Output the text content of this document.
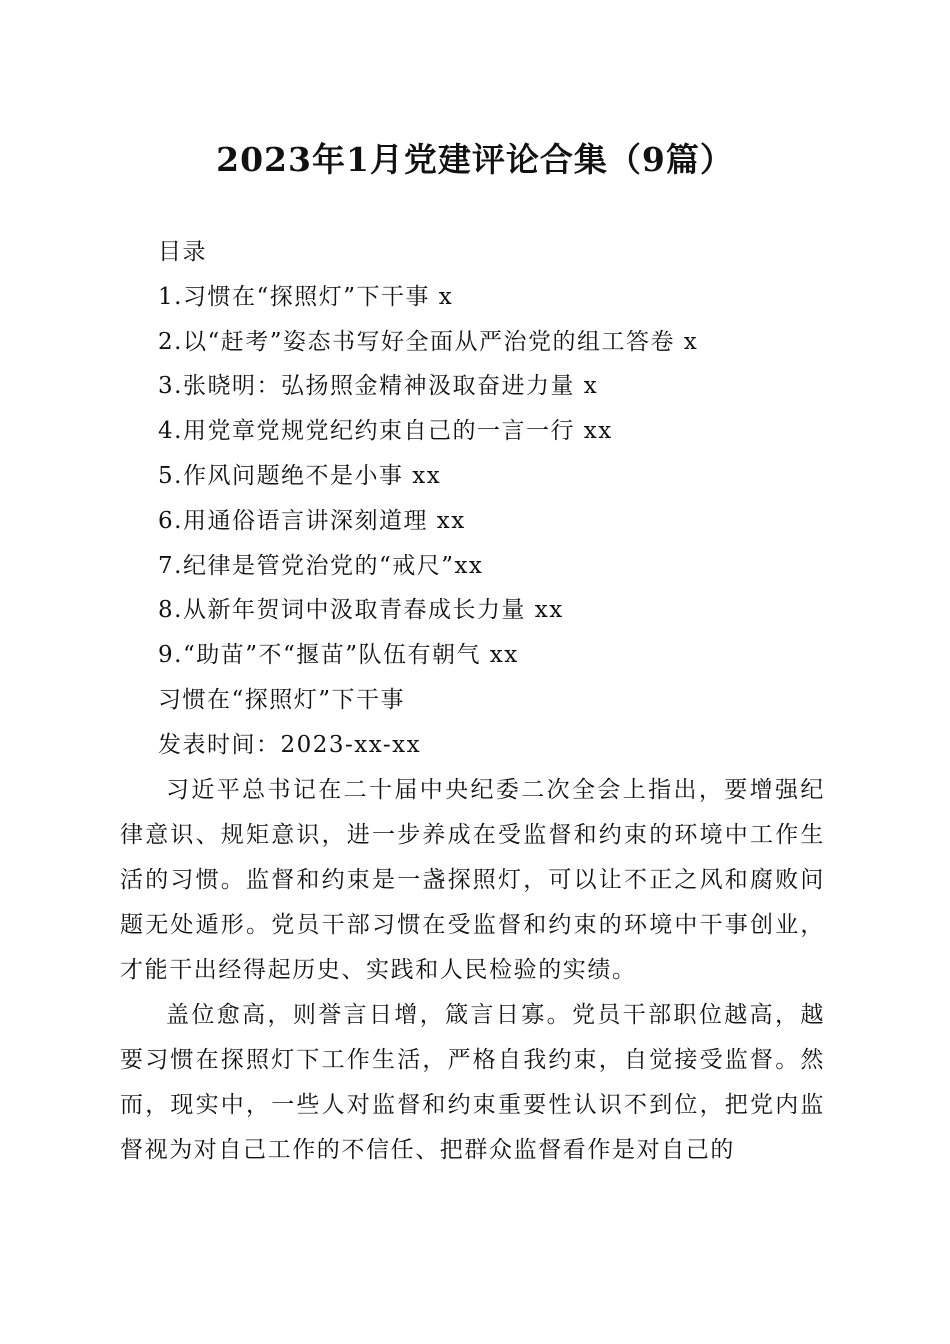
2023年1月党建评论合集（9篇）
目录
1.习惯在“探照灯”下干事 x
2.以“赶考”姿态书写好全面从严治党的组工答卷 x
3.张晓明：弘扬照金精神汲取奋进力量 x
4.用党章党规党纪约束自己的一言一行 xx
5.作风问题绝不是小事 xx
6.用通俗语言讲深刻道理 xx
7.纪律是管党治党的“戒尺”xx
8.从新年贺词中汲取青春成长力量 xx
9.“助苗”不“揠苗”队伍有朝气 xx
习惯在“探照灯”下干事
发表时间：2023-xx-xx

习近平总书记在二十届中央纪委二次全会上指出，要增强纪律意识、规矩意识，进一步养成在受监督和约束的环境中工作生活的习惯。监督和约束是一盏探照灯，可以让不正之风和腐败问题无处遁形。党员干部习惯在受监督和约束的环境中干事创业，才能干出经得起历史、实践和人民检验的实绩。

盖位愈高，则誉言日增，箴言日寡。党员干部职位越高，越要习惯在探照灯下工作生活，严格自我约束，自觉接受监督。然而，现实中，一些人对监督和约束重要性认识不到位，把党内监督视为对自己工作的不信任、把群众监督看作是对自己的
